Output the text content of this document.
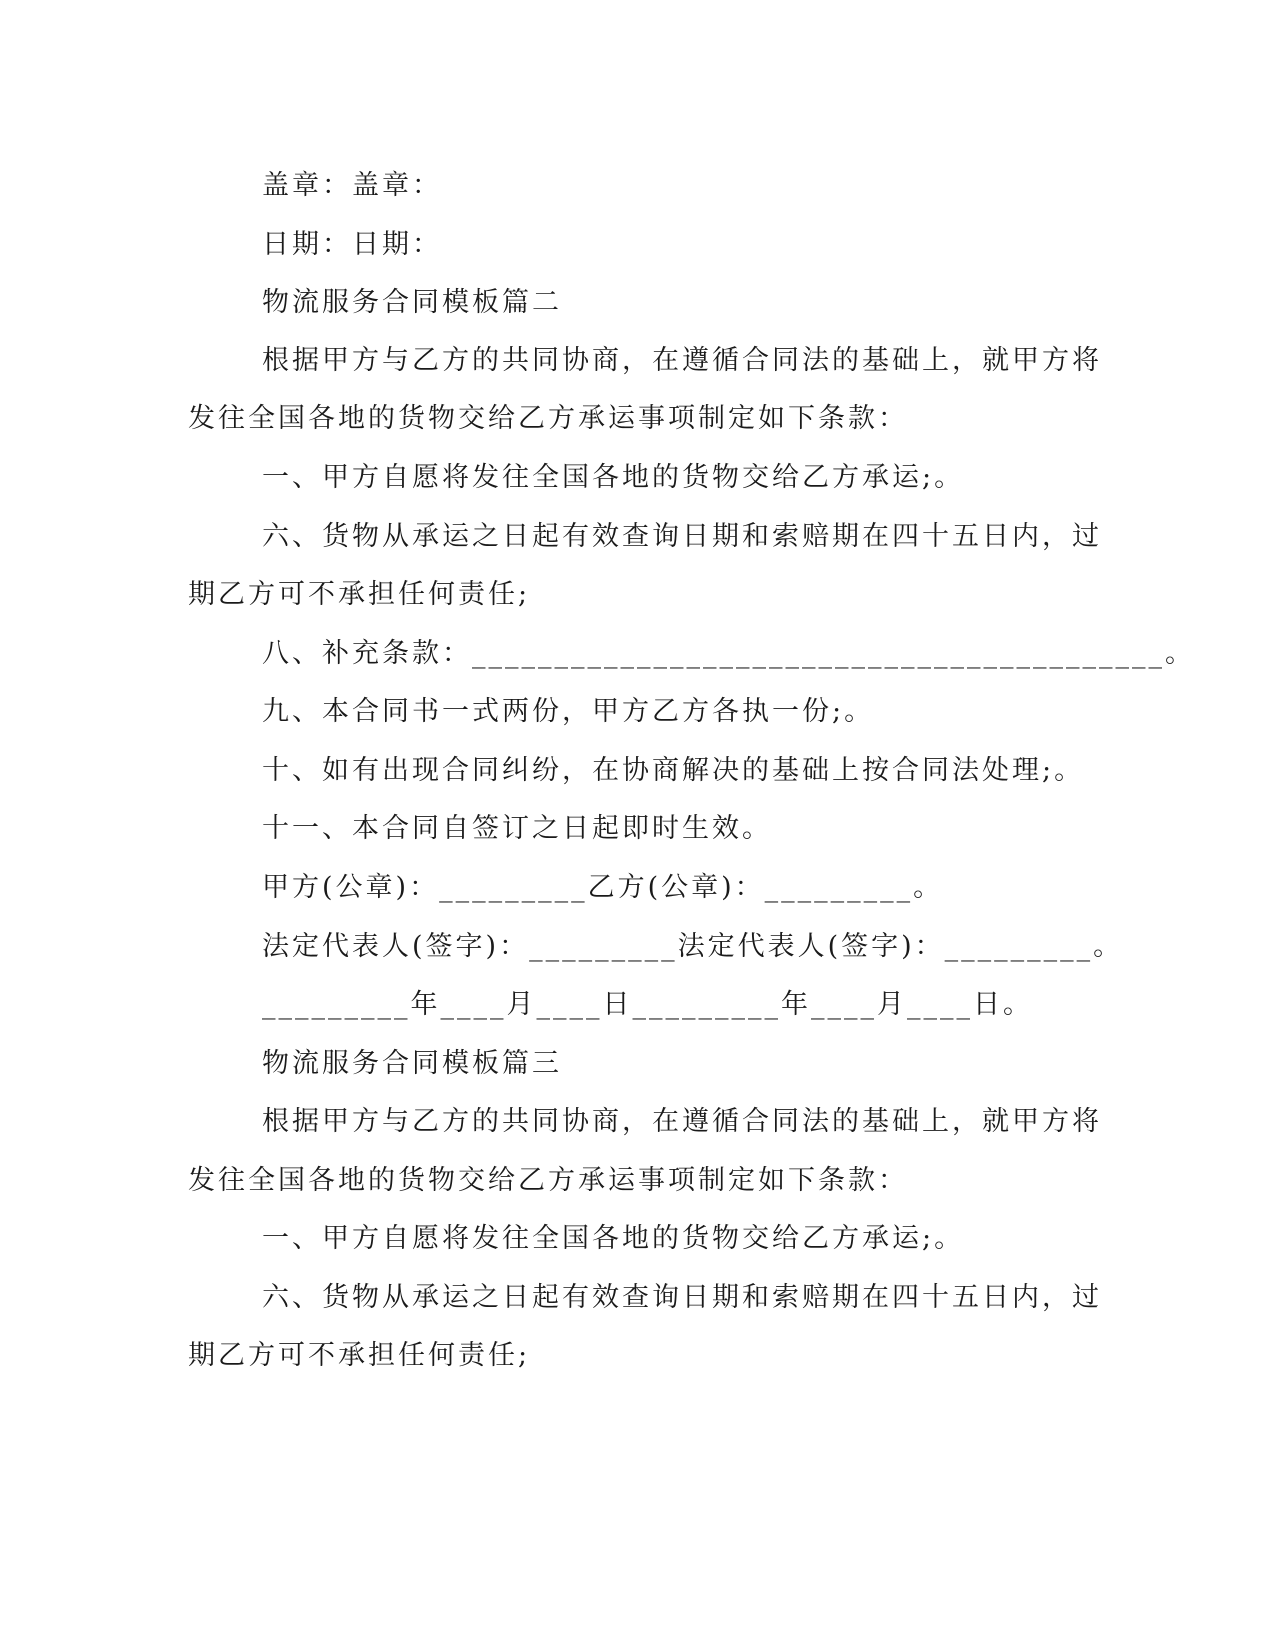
盖章：盖章：
日期：日期：
物流服务合同模板篇二
根据甲方与乙方的共同协商，在遵循合同法的基础上，就甲方将
发往全国各地的货物交给乙方承运事项制定如下条款：
一、甲方自愿将发往全国各地的货物交给乙方承运;。
六、货物从承运之日起有效查询日期和索赔期在四十五日内，过
期乙方可不承担任何责任;
八、补充条款：__________________________________________。
九、本合同书一式两份，甲方乙方各执一份;。
十、如有出现合同纠纷，在协商解决的基础上按合同法处理;。
十一、本合同自签订之日起即时生效。
甲方(公章)：_________乙方(公章)：_________。
法定代表人(签字)：_________法定代表人(签字)：_________。
_________年____月____日_________年____月____日。
物流服务合同模板篇三
根据甲方与乙方的共同协商，在遵循合同法的基础上，就甲方将
发往全国各地的货物交给乙方承运事项制定如下条款：
一、甲方自愿将发往全国各地的货物交给乙方承运;。
六、货物从承运之日起有效查询日期和索赔期在四十五日内，过
期乙方可不承担任何责任;
